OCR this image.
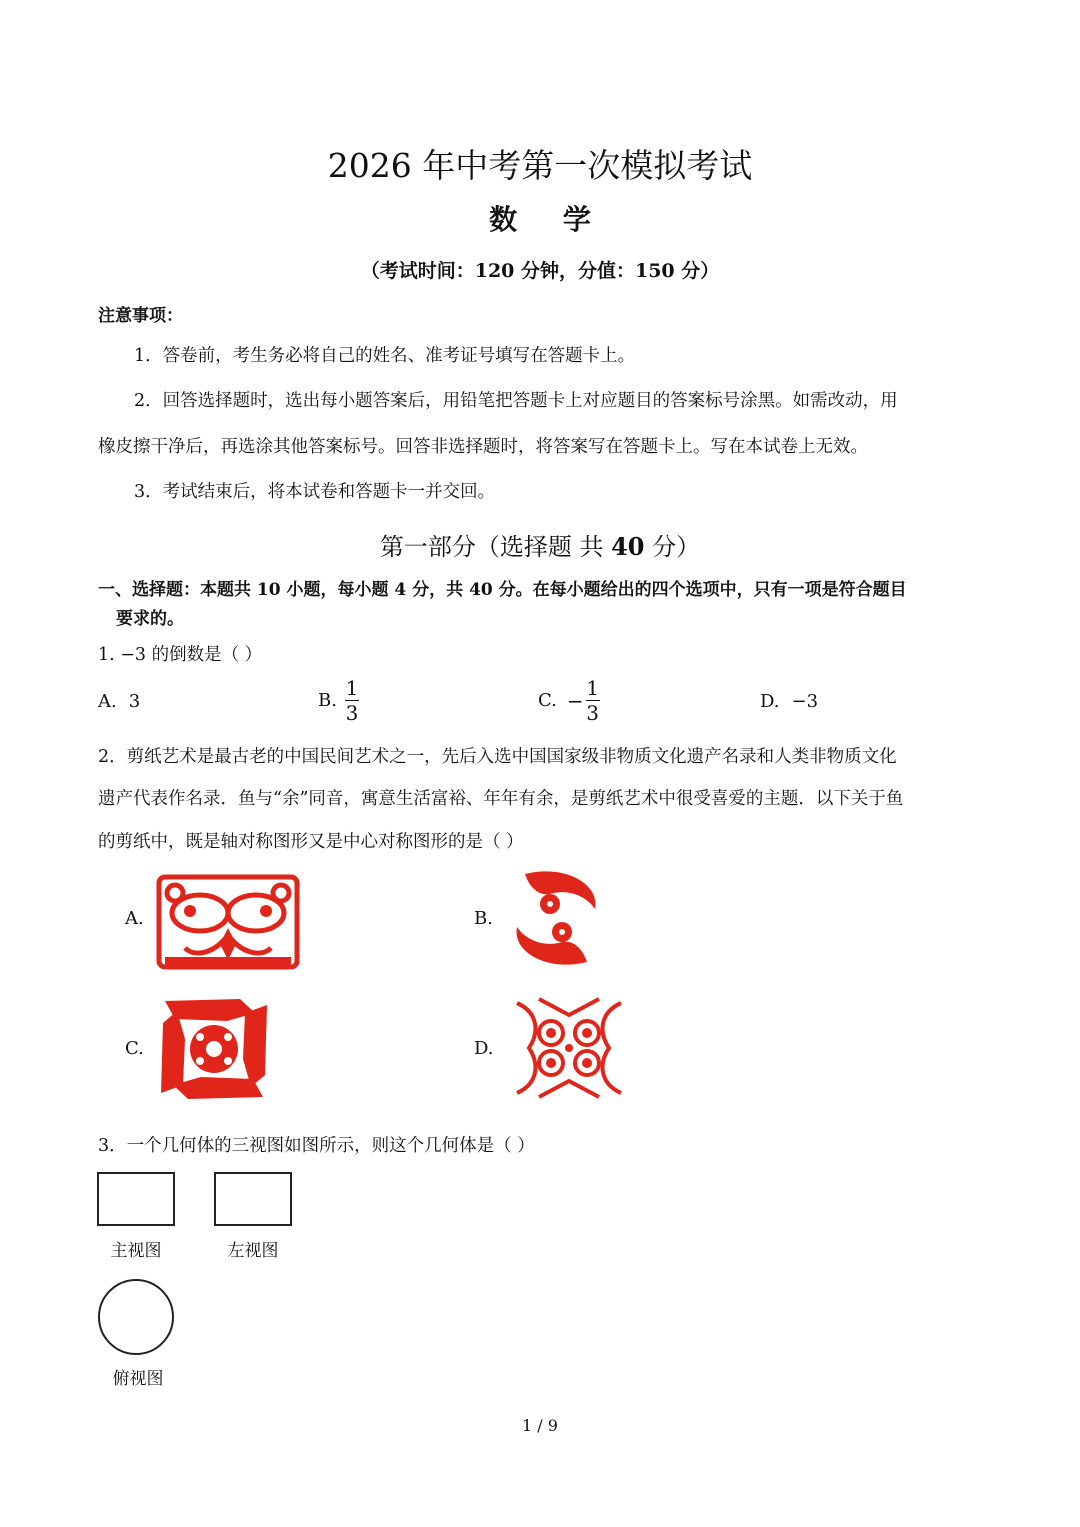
2026 年中考第一次模拟考试
数 学
（考试时间：120 分钟，分值：150 分）
注意事项：
1．答卷前，考生务必将自己的姓名、准考证号填写在答题卡上。
2．回答选择题时，选出每小题答案后，用铅笔把答题卡上对应题目的答案标号涂黑。如需改动，用
橡皮擦干净后，再选涂其他答案标号。回答非选择题时，将答案写在答题卡上。写在本试卷上无效。
3．考试结束后，将本试卷和答题卡一并交回。
第一部分（选择题 共 40 分）
一、选择题：本题共 10 小题，每小题 4 分，共 40 分。在每小题给出的四个选项中，只有一项是符合题目
要求的。
1. −3 的倒数是（ ）
A. 3	B. $\frac{1}{3}$	C. − $\frac{1}{3}$	D. −3
2．剪纸艺术是最古老的中国民间艺术之一，先后入选中国国家级非物质文化遗产名录和人类非物质文化
遗产代表作名录．鱼与“余”同音，寓意生活富裕、年年有余，是剪纸艺术中很受喜爱的主题．以下关于鱼
的剪纸中，既是轴对称图形又是中心对称图形的是（ ）
A.	B.
C.	D.
3．一个几何体的三视图如图所示，则这个几何体是（ ）
主视图	左视图
俯视图
1 / 9
